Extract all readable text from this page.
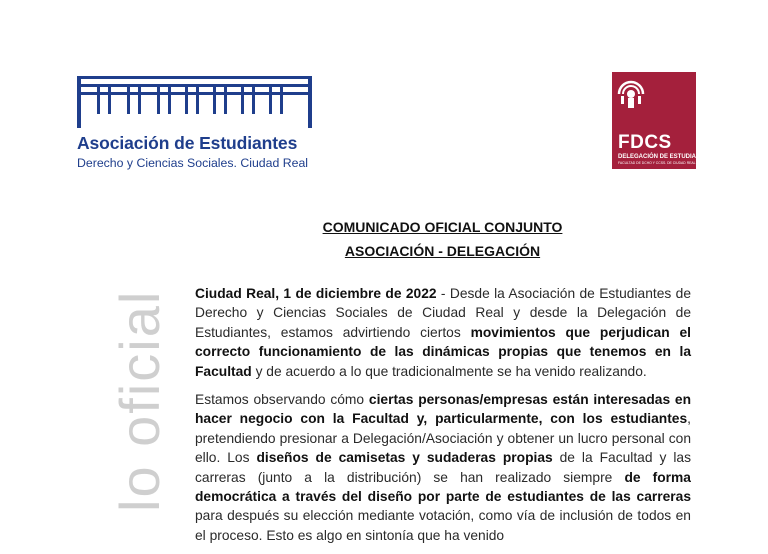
Asociación de Estudiantes
Derecho y Ciencias Sociales. Ciudad Real
FDCS
DELEGACIÓN DE ESTUDIANTES
FACULTAD DE DCHO Y CCSS. DE CIUDAD REAL
lo oficial
COMUNICADO OFICIAL CONJUNTO
ASOCIACIÓN - DELEGACIÓN

Ciudad Real, 1 de diciembre de 2022 - Desde la Asociación de Estudiantes de Derecho y Ciencias Sociales de Ciudad Real y desde la Delegación de Estudiantes, estamos advirtiendo ciertos movimientos que perjudican el correcto funcionamiento de las dinámicas propias que tenemos en la Facultad y de acuerdo a lo que tradicionalmente se ha venido realizando.

Estamos observando cómo ciertas personas/empresas están interesadas en hacer negocio con la Facultad y, particularmente, con los estudiantes, pretendiendo presionar a Delegación/Asociación y obtener un lucro personal con ello. Los diseños de camisetas y sudaderas propias de la Facultad y las carreras (junto a la distribución) se han realizado siempre de forma democrática a través del diseño por parte de estudiantes de las carreras para después su elección mediante votación, como vía de inclusión de todos en el proceso. Esto es algo en sintonía que ha venido
